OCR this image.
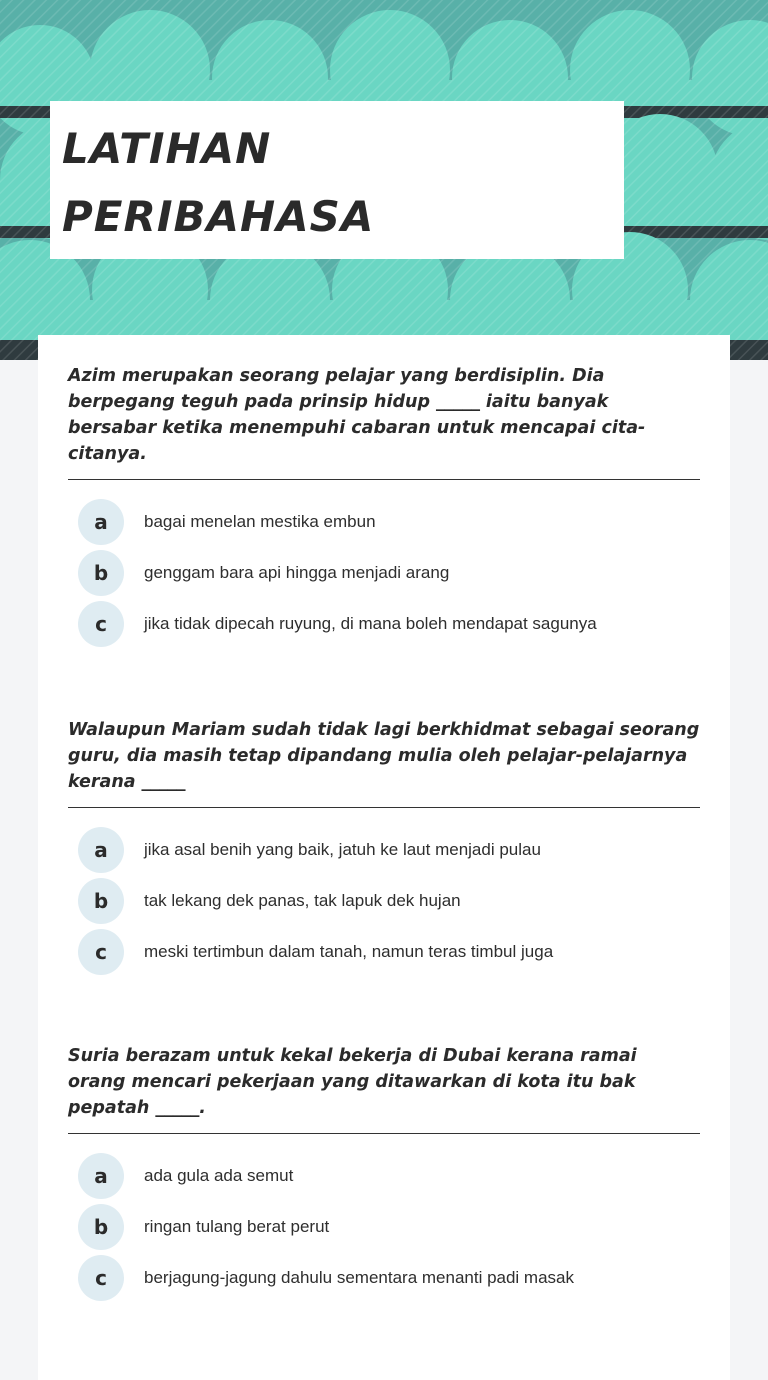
LATIHAN
PERIBAHASA

Azim merupakan seorang pelajar yang berdisiplin. Dia berpegang teguh pada prinsip hidup _____ iaitu banyak bersabar ketika menempuhi cabaran untuk mencapai cita-citanya.

a	bagai menelan mestika embun
b	genggam bara api hingga menjadi arang
c	jika tidak dipecah ruyung, di mana boleh mendapat sagunya

Walaupun Mariam sudah tidak lagi berkhidmat sebagai seorang guru, dia masih tetap dipandang mulia oleh pelajar-pelajarnya kerana _____

a	jika asal benih yang baik, jatuh ke laut menjadi pulau
b	tak lekang dek panas, tak lapuk dek hujan
c	meski tertimbun dalam tanah, namun teras timbul juga

Suria berazam untuk kekal bekerja di Dubai kerana ramai orang mencari pekerjaan yang ditawarkan di kota itu bak pepatah _____.

a	ada gula ada semut
b	ringan tulang berat perut
c	berjagung-jagung dahulu sementara menanti padi masak
